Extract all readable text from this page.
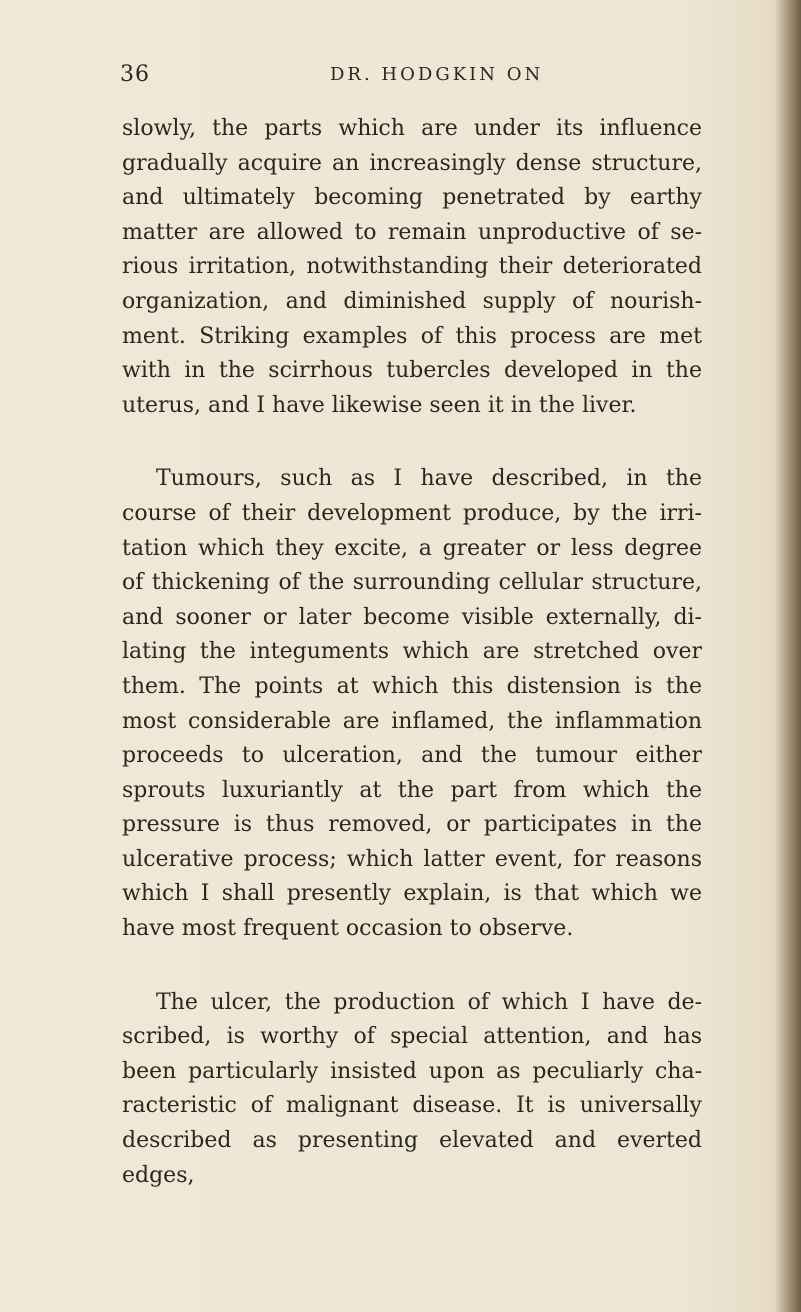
36	DR. HODGKIN ON
slowly, the parts which are under its influence
gradually acquire an increasingly dense structure,
and ultimately becoming penetrated by earthy
matter are allowed to remain unproductive of se-
rious irritation, notwithstanding their deteriorated
organization, and diminished supply of nourish-
ment. Striking examples of this process are met
with in the scirrhous tubercles developed in the
uterus, and I have likewise seen it in the liver.
Tumours, such as I have described, in the
course of their development produce, by the irri-
tation which they excite, a greater or less degree
of thickening of the surrounding cellular structure,
and sooner or later become visible externally, di-
lating the integuments which are stretched over
them. The points at which this distension is the
most considerable are inflamed, the inflammation
proceeds to ulceration, and the tumour either
sprouts luxuriantly at the part from which the
pressure is thus removed, or participates in the
ulcerative process; which latter event, for reasons
which I shall presently explain, is that which we
have most frequent occasion to observe.
The ulcer, the production of which I have de-
scribed, is worthy of special attention, and has
been particularly insisted upon as peculiarly cha-
racteristic of malignant disease. It is universally
described as presenting elevated and everted edges,
